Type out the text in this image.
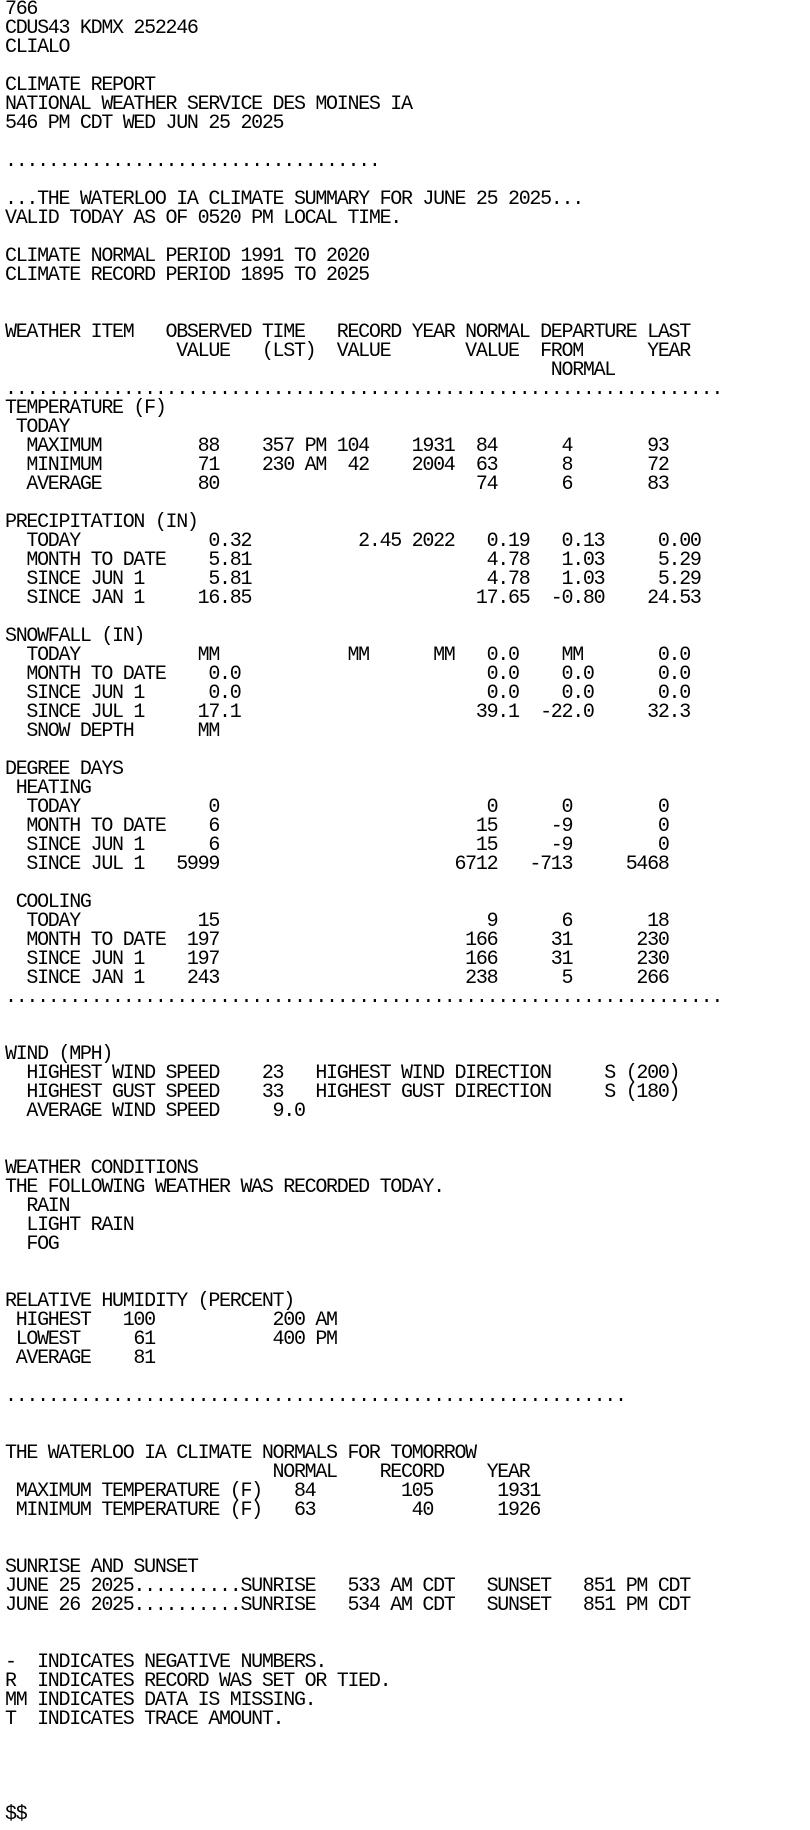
766
CDUS43 KDMX 252246
CLIALO
CLIMATE REPORT
NATIONAL WEATHER SERVICE DES MOINES IA
546 PM CDT WED JUN 25 2025
...................................
...THE WATERLOO IA CLIMATE SUMMARY FOR JUNE 25 2025...
VALID TODAY AS OF 0520 PM LOCAL TIME.
CLIMATE NORMAL PERIOD 1991 TO 2020
CLIMATE RECORD PERIOD 1895 TO 2025
WEATHER ITEM   OBSERVED TIME   RECORD YEAR NORMAL DEPARTURE LAST
VALUE   (LST)  VALUE       VALUE  FROM      YEAR
NORMAL
...................................................................
TEMPERATURE (F)
TODAY
MAXIMUM         88    357 PM 104    1931  84      4       93
MINIMUM         71    230 AM  42    2004  63      8       72
AVERAGE         80                        74      6       83
PRECIPITATION (IN)
TODAY            0.32          2.45 2022   0.19   0.13     0.00
MONTH TO DATE    5.81                      4.78   1.03     5.29
SINCE JUN 1      5.81                      4.78   1.03     5.29
SINCE JAN 1     16.85                     17.65  -0.80    24.53
SNOWFALL (IN)
TODAY           MM            MM      MM   0.0    MM       0.0
MONTH TO DATE    0.0                       0.0    0.0      0.0
SINCE JUN 1      0.0                       0.0    0.0      0.0
SINCE JUL 1     17.1                      39.1  -22.0     32.3
SNOW DEPTH      MM
DEGREE DAYS
HEATING
TODAY            0                         0      0        0
MONTH TO DATE    6                        15     -9        0
SINCE JUN 1      6                        15     -9        0
SINCE JUL 1   5999                      6712   -713     5468
COOLING
TODAY           15                         9      6       18
MONTH TO DATE  197                       166     31      230
SINCE JUN 1    197                       166     31      230
SINCE JAN 1    243                       238      5      266
...................................................................
WIND (MPH)
HIGHEST WIND SPEED    23   HIGHEST WIND DIRECTION     S (200)
HIGHEST GUST SPEED    33   HIGHEST GUST DIRECTION     S (180)
AVERAGE WIND SPEED     9.0
WEATHER CONDITIONS
THE FOLLOWING WEATHER WAS RECORDED TODAY.
RAIN
LIGHT RAIN
FOG
RELATIVE HUMIDITY (PERCENT)
HIGHEST   100           200 AM
LOWEST     61           400 PM
AVERAGE    81
..........................................................
THE WATERLOO IA CLIMATE NORMALS FOR TOMORROW
NORMAL    RECORD    YEAR
MAXIMUM TEMPERATURE (F)   84        105      1931
MINIMUM TEMPERATURE (F)   63         40      1926
SUNRISE AND SUNSET
JUNE 25 2025..........SUNRISE   533 AM CDT   SUNSET   851 PM CDT
JUNE 26 2025..........SUNRISE   534 AM CDT   SUNSET   851 PM CDT
-  INDICATES NEGATIVE NUMBERS.
R  INDICATES RECORD WAS SET OR TIED.
MM INDICATES DATA IS MISSING.
T  INDICATES TRACE AMOUNT.
$$
